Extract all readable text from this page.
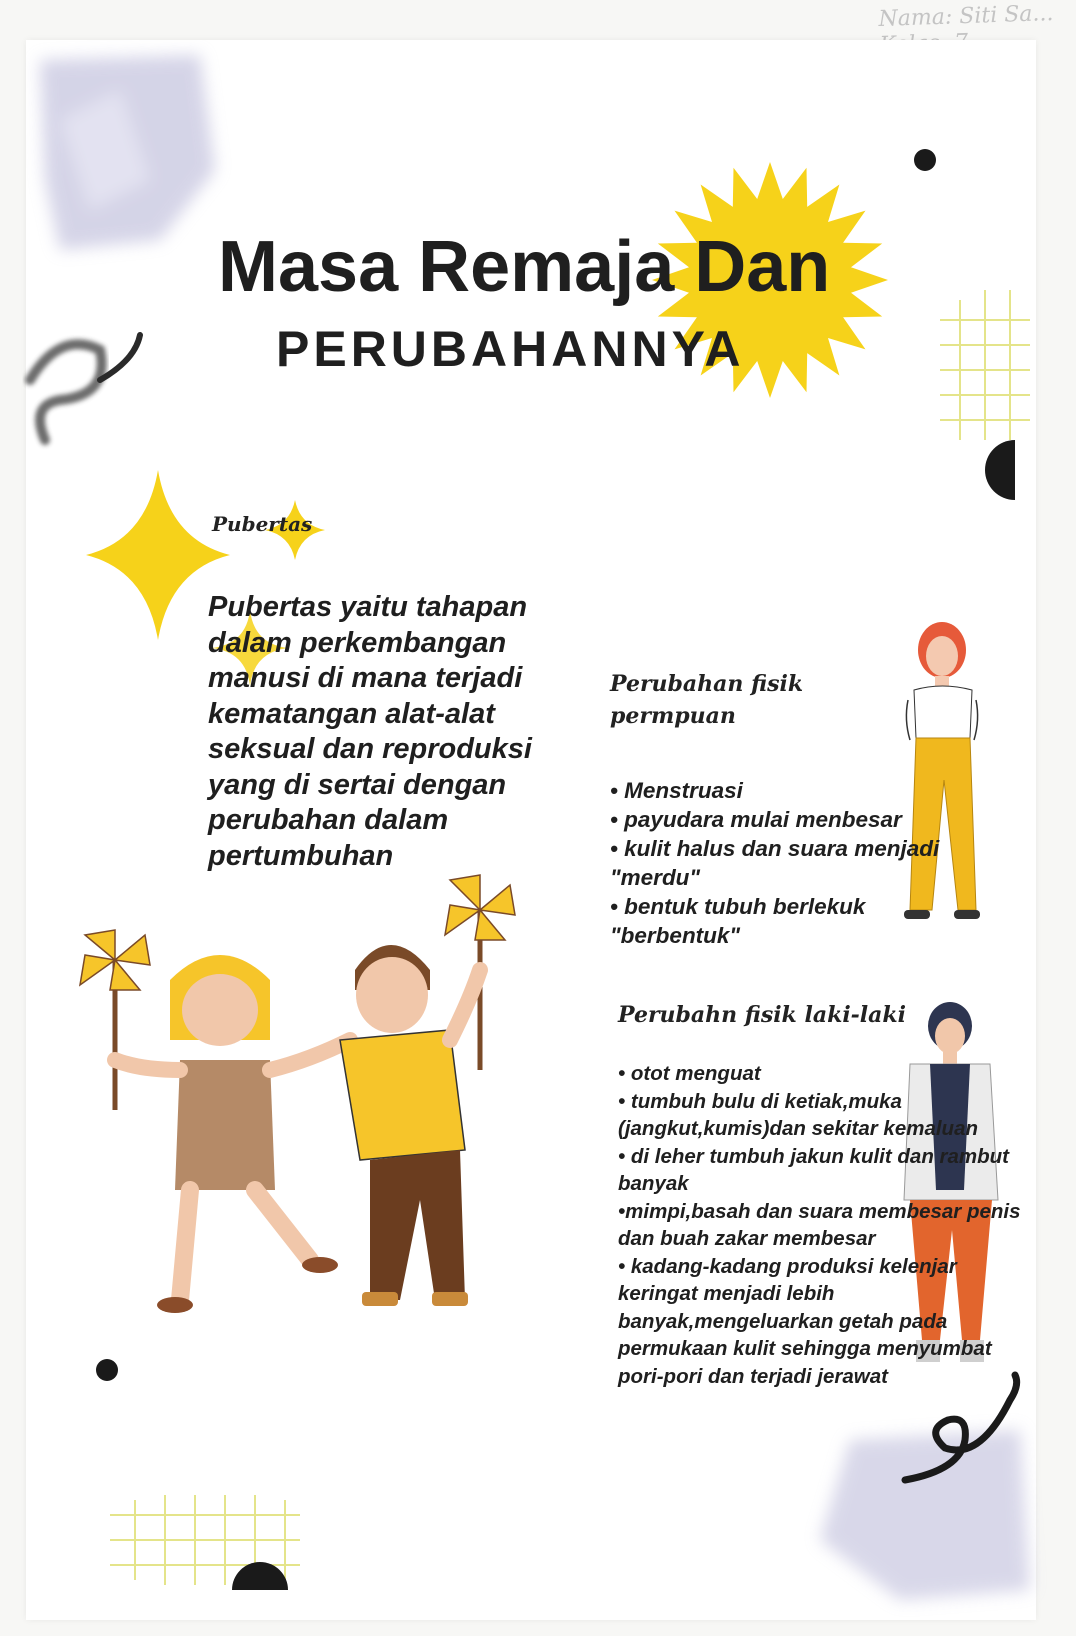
Nama: Siti Sa...
Masa Remaja Dan
PERUBAHANNYA
Pubertas
Pubertas yaitu tahapan dalam perkembangan manusi di mana terjadi kematangan alat-alat seksual dan reproduksi yang di sertai dengan perubahan dalam pertumbuhan
Perubahan fisik permpuan
• Menstruasi
• payudara mulai menbesar
• kulit halus dan suara menjadi "merdu"
• bentuk tubuh berlekuk "berbentuk"
Perubahn fisik laki-laki
• otot menguat
• tumbuh bulu di ketiak,muka (jangkut,kumis)dan sekitar kemaluan
• di leher tumbuh jakun kulit dan rambut banyak
•mimpi,basah dan suara membesar penis dan buah zakar membesar
• kadang-kadang produksi kelenjar keringat menjadi lebih banyak,mengeluarkan getah pada permukaan kulit sehingga menyumbat pori-pori dan terjadi jerawat
